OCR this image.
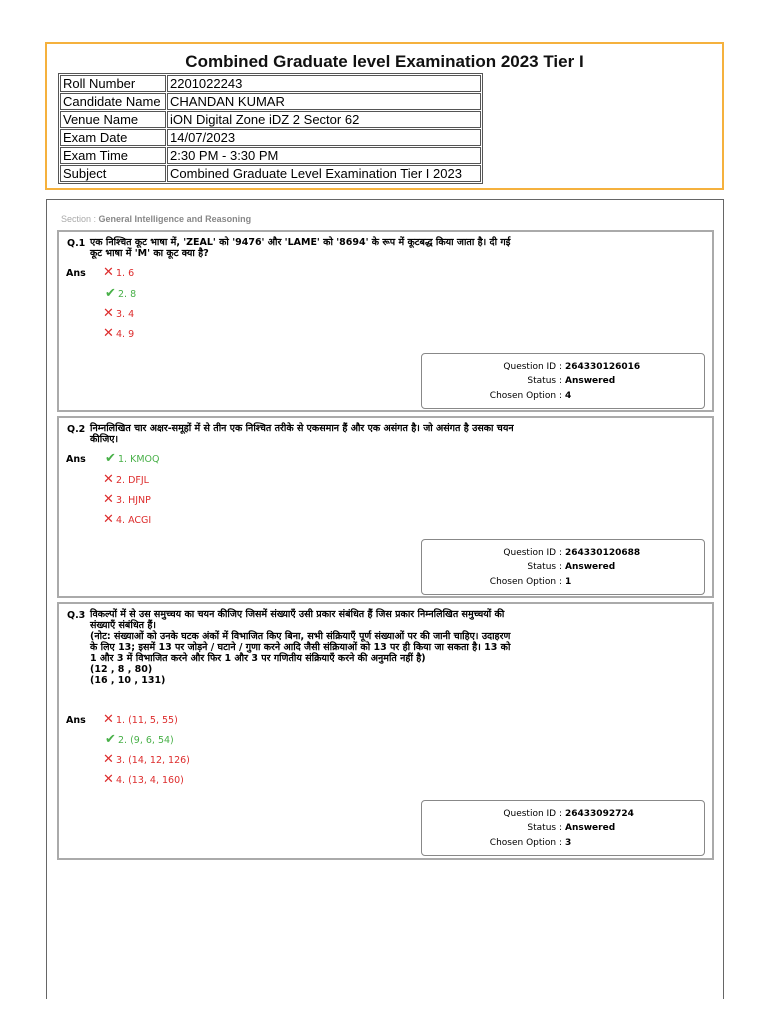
Combined Graduate level Examination 2023 Tier I
Roll Number	2201022243
Candidate Name	CHANDAN KUMAR
Venue Name	iON Digital Zone iDZ 2 Sector 62
Exam Date	14/07/2023
Exam Time	2:30 PM - 3:30 PM
Subject	Combined Graduate Level Examination Tier I 2023
Section : General Intelligence and Reasoning
Q.1 एक निश्चित कूट भाषा में, 'ZEAL' को '9476' और 'LAME' को '8694' के रूप में कूटबद्ध किया जाता है। दी गई कूट भाषा में 'M' का कूट क्या है?
Ans ✕ 1. 6
✔ 2. 8
✕ 3. 4
✕ 4. 9
Question ID : 264330126016
Status : Answered
Chosen Option : 4
Q.2 निम्नलिखित चार अक्षर-समूहों में से तीन एक निश्चित तरीके से एकसमान हैं और एक असंगत है। जो असंगत है उसका चयन कीजिए।
Ans ✔ 1. KMOQ
✕ 2. DFJL
✕ 3. HJNP
✕ 4. ACGI
Question ID : 264330120688
Status : Answered
Chosen Option : 1
Q.3 विकल्पों में से उस समुच्चय का चयन कीजिए जिसमें संख्याएँ उसी प्रकार संबंधित हैं जिस प्रकार निम्नलिखित समुच्चयों की संख्याएँ संबंधित हैं।
(नोट: संख्याओं को उनके घटक अंकों में विभाजित किए बिना, सभी संक्रियाएँ पूर्ण संख्याओं पर की जानी चाहिए। उदाहरण के लिए 13; इसमें 13 पर जोड़ने / घटाने / गुणा करने आदि जैसी संक्रियाओं को 13 पर ही किया जा सकता है। 13 को 1 और 3 में विभाजित करने और फिर 1 और 3 पर गणितीय संक्रियाएँ करने की अनुमति नहीं है)
(12 , 8 , 80)
(16 , 10 , 131)
Ans ✕ 1. (11, 5, 55)
✔ 2. (9, 6, 54)
✕ 3. (14, 12, 126)
✕ 4. (13, 4, 160)
Question ID : 26433092724
Status : Answered
Chosen Option : 3
